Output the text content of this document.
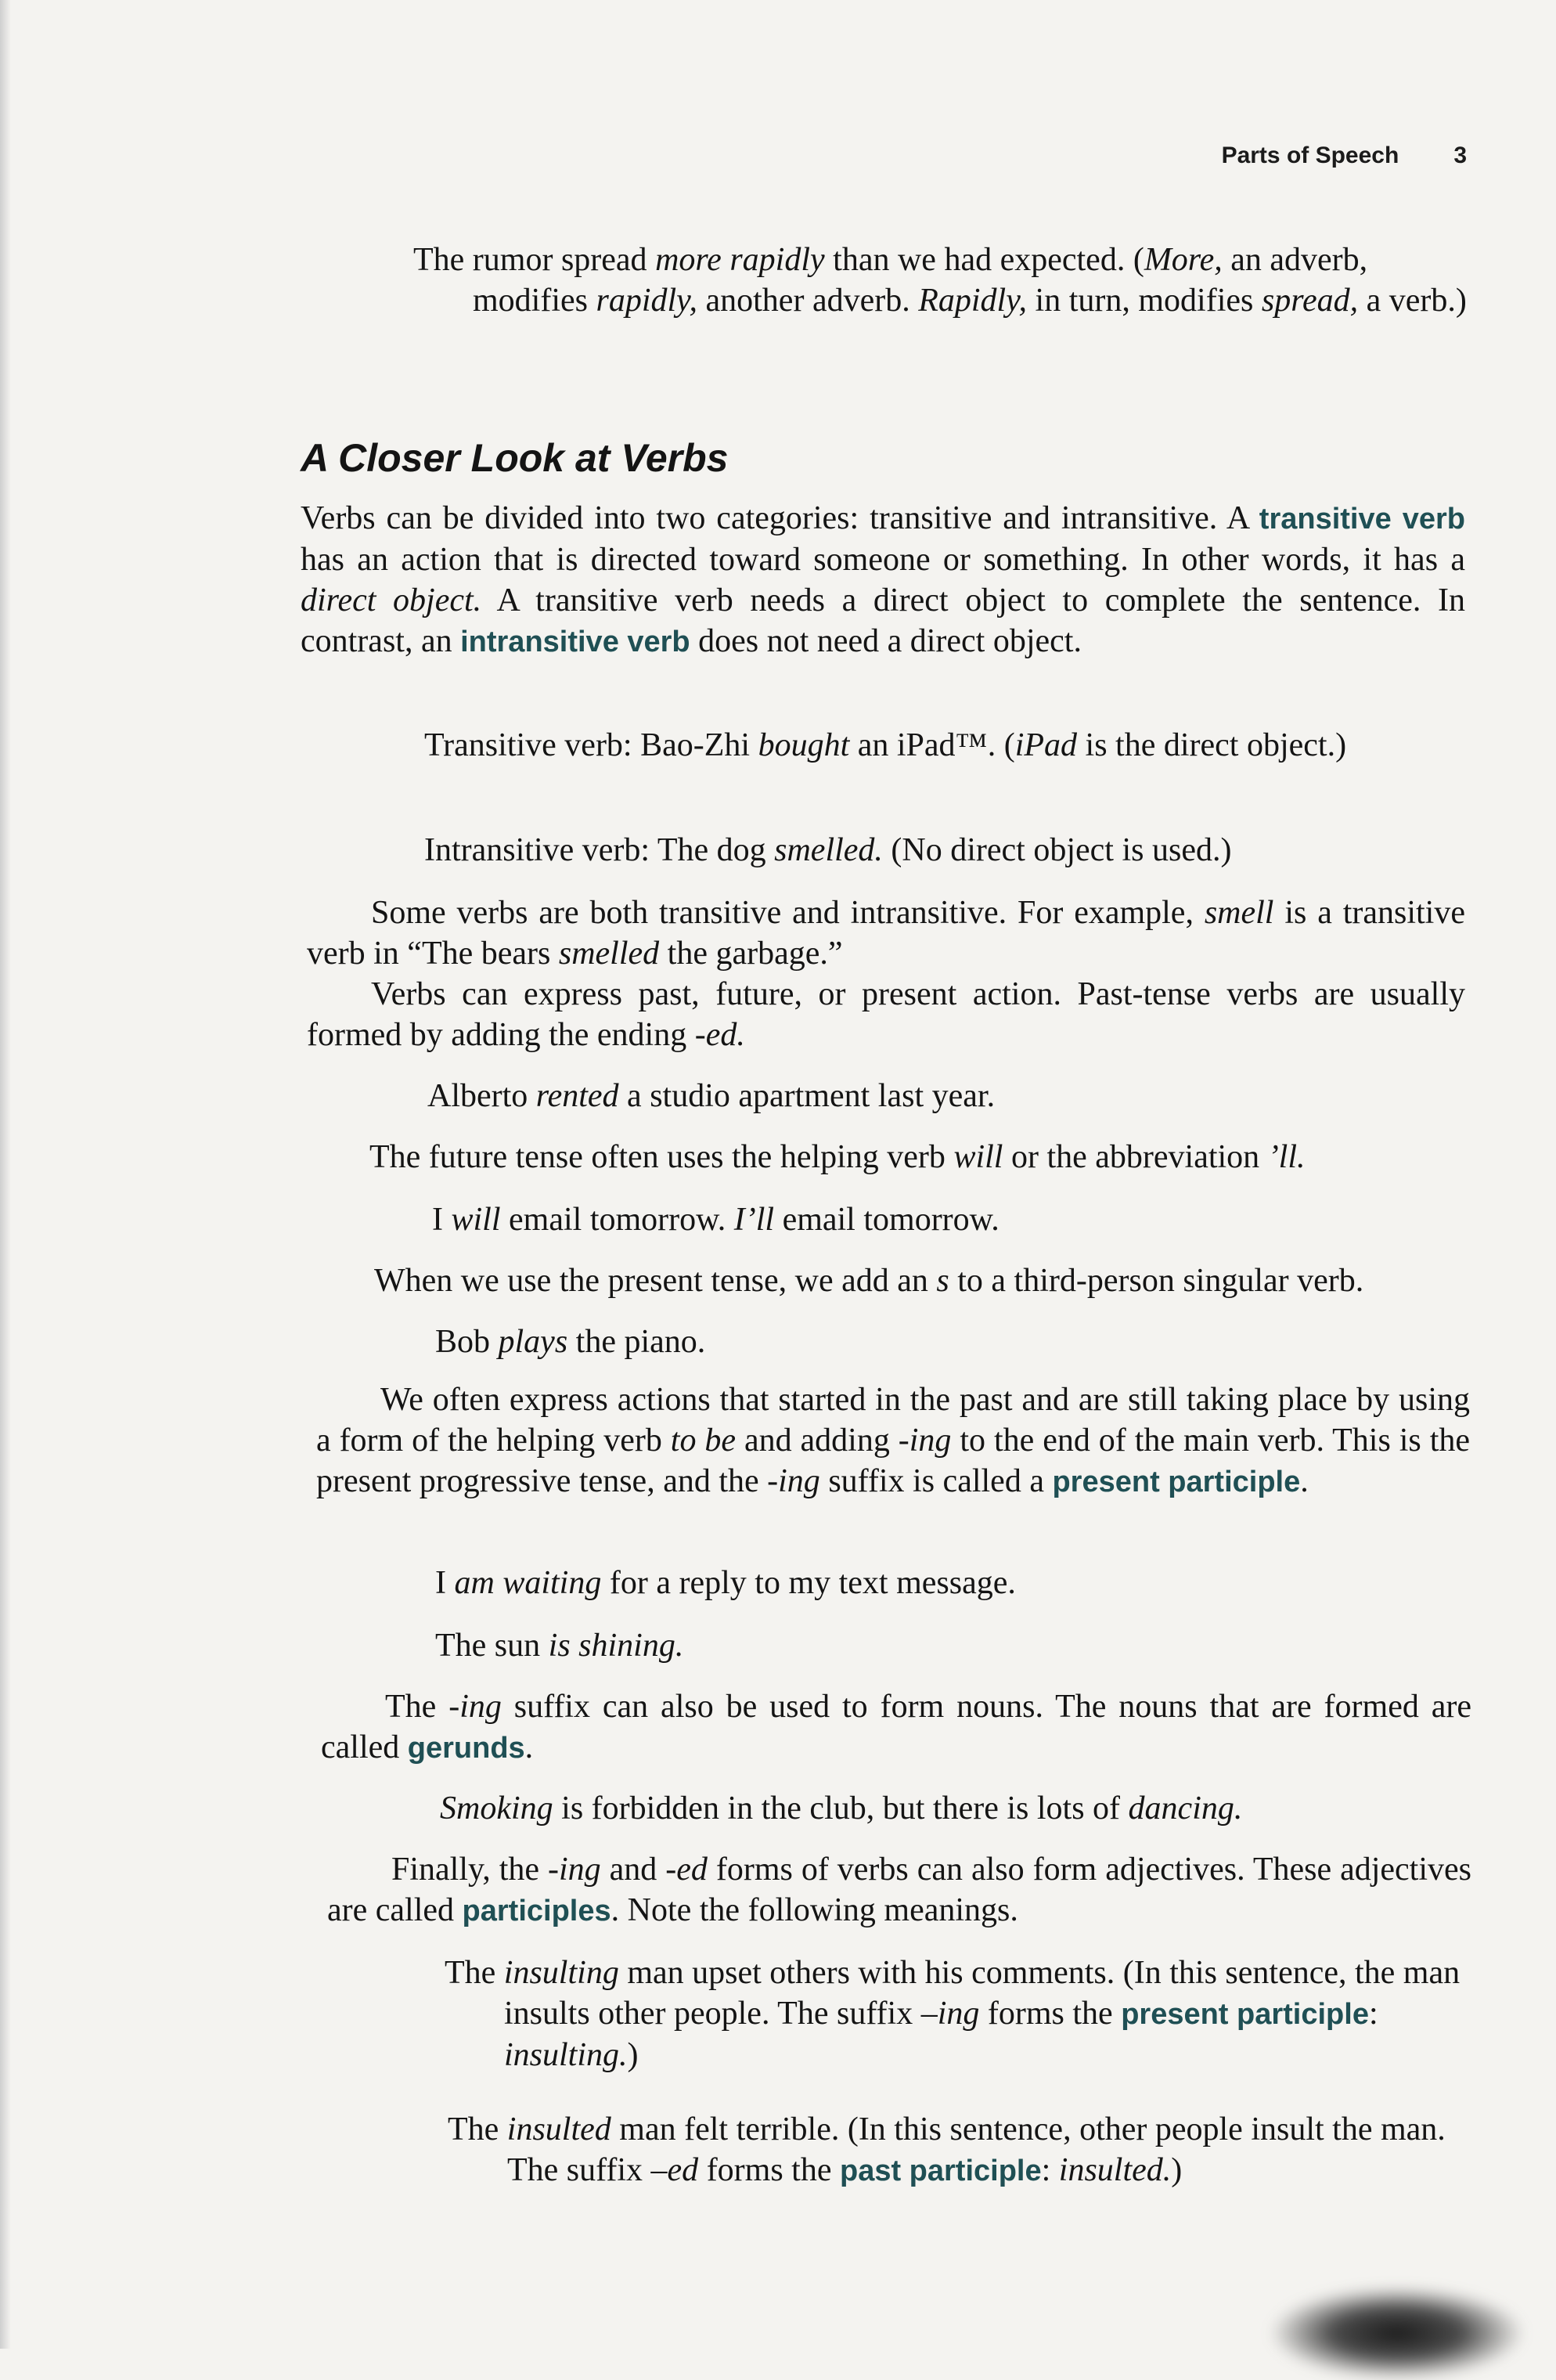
Parts of Speech 3
The rumor spread more rapidly than we had expected. (More, an adverb, modifies rapidly, another adverb. Rapidly, in turn, modifies spread, a verb.)
A Closer Look at Verbs
Verbs can be divided into two categories: transitive and intransitive. A transitive verb has an action that is directed toward someone or something. In other words, it has a direct object. A transitive verb needs a direct object to complete the sentence. In contrast, an intransitive verb does not need a direct object.
Transitive verb: Bao-Zhi bought an iPad™. (iPad is the direct object.)
Intransitive verb: The dog smelled. (No direct object is used.)
Some verbs are both transitive and intransitive. For example, smell is a transitive verb in “The bears smelled the garbage.”
Verbs can express past, future, or present action. Past-tense verbs are usually formed by adding the ending -ed.
Alberto rented a studio apartment last year.
The future tense often uses the helping verb will or the abbreviation ’ll.
I will email tomorrow. I’ll email tomorrow.
When we use the present tense, we add an s to a third-person singular verb.
Bob plays the piano.
We often express actions that started in the past and are still taking place by using a form of the helping verb to be and adding -ing to the end of the main verb. This is the present progressive tense, and the -ing suffix is called a present participle.
I am waiting for a reply to my text message.
The sun is shining.
The -ing suffix can also be used to form nouns. The nouns that are formed are called gerunds.
Smoking is forbidden in the club, but there is lots of dancing.
Finally, the -ing and -ed forms of verbs can also form adjectives. These adjectives are called participles. Note the following meanings.
The insulting man upset others with his comments. (In this sentence, the man insults other people. The suffix –ing forms the present participle: insulting.)
The insulted man felt terrible. (In this sentence, other people insult the man. The suffix –ed forms the past participle: insulted.)
